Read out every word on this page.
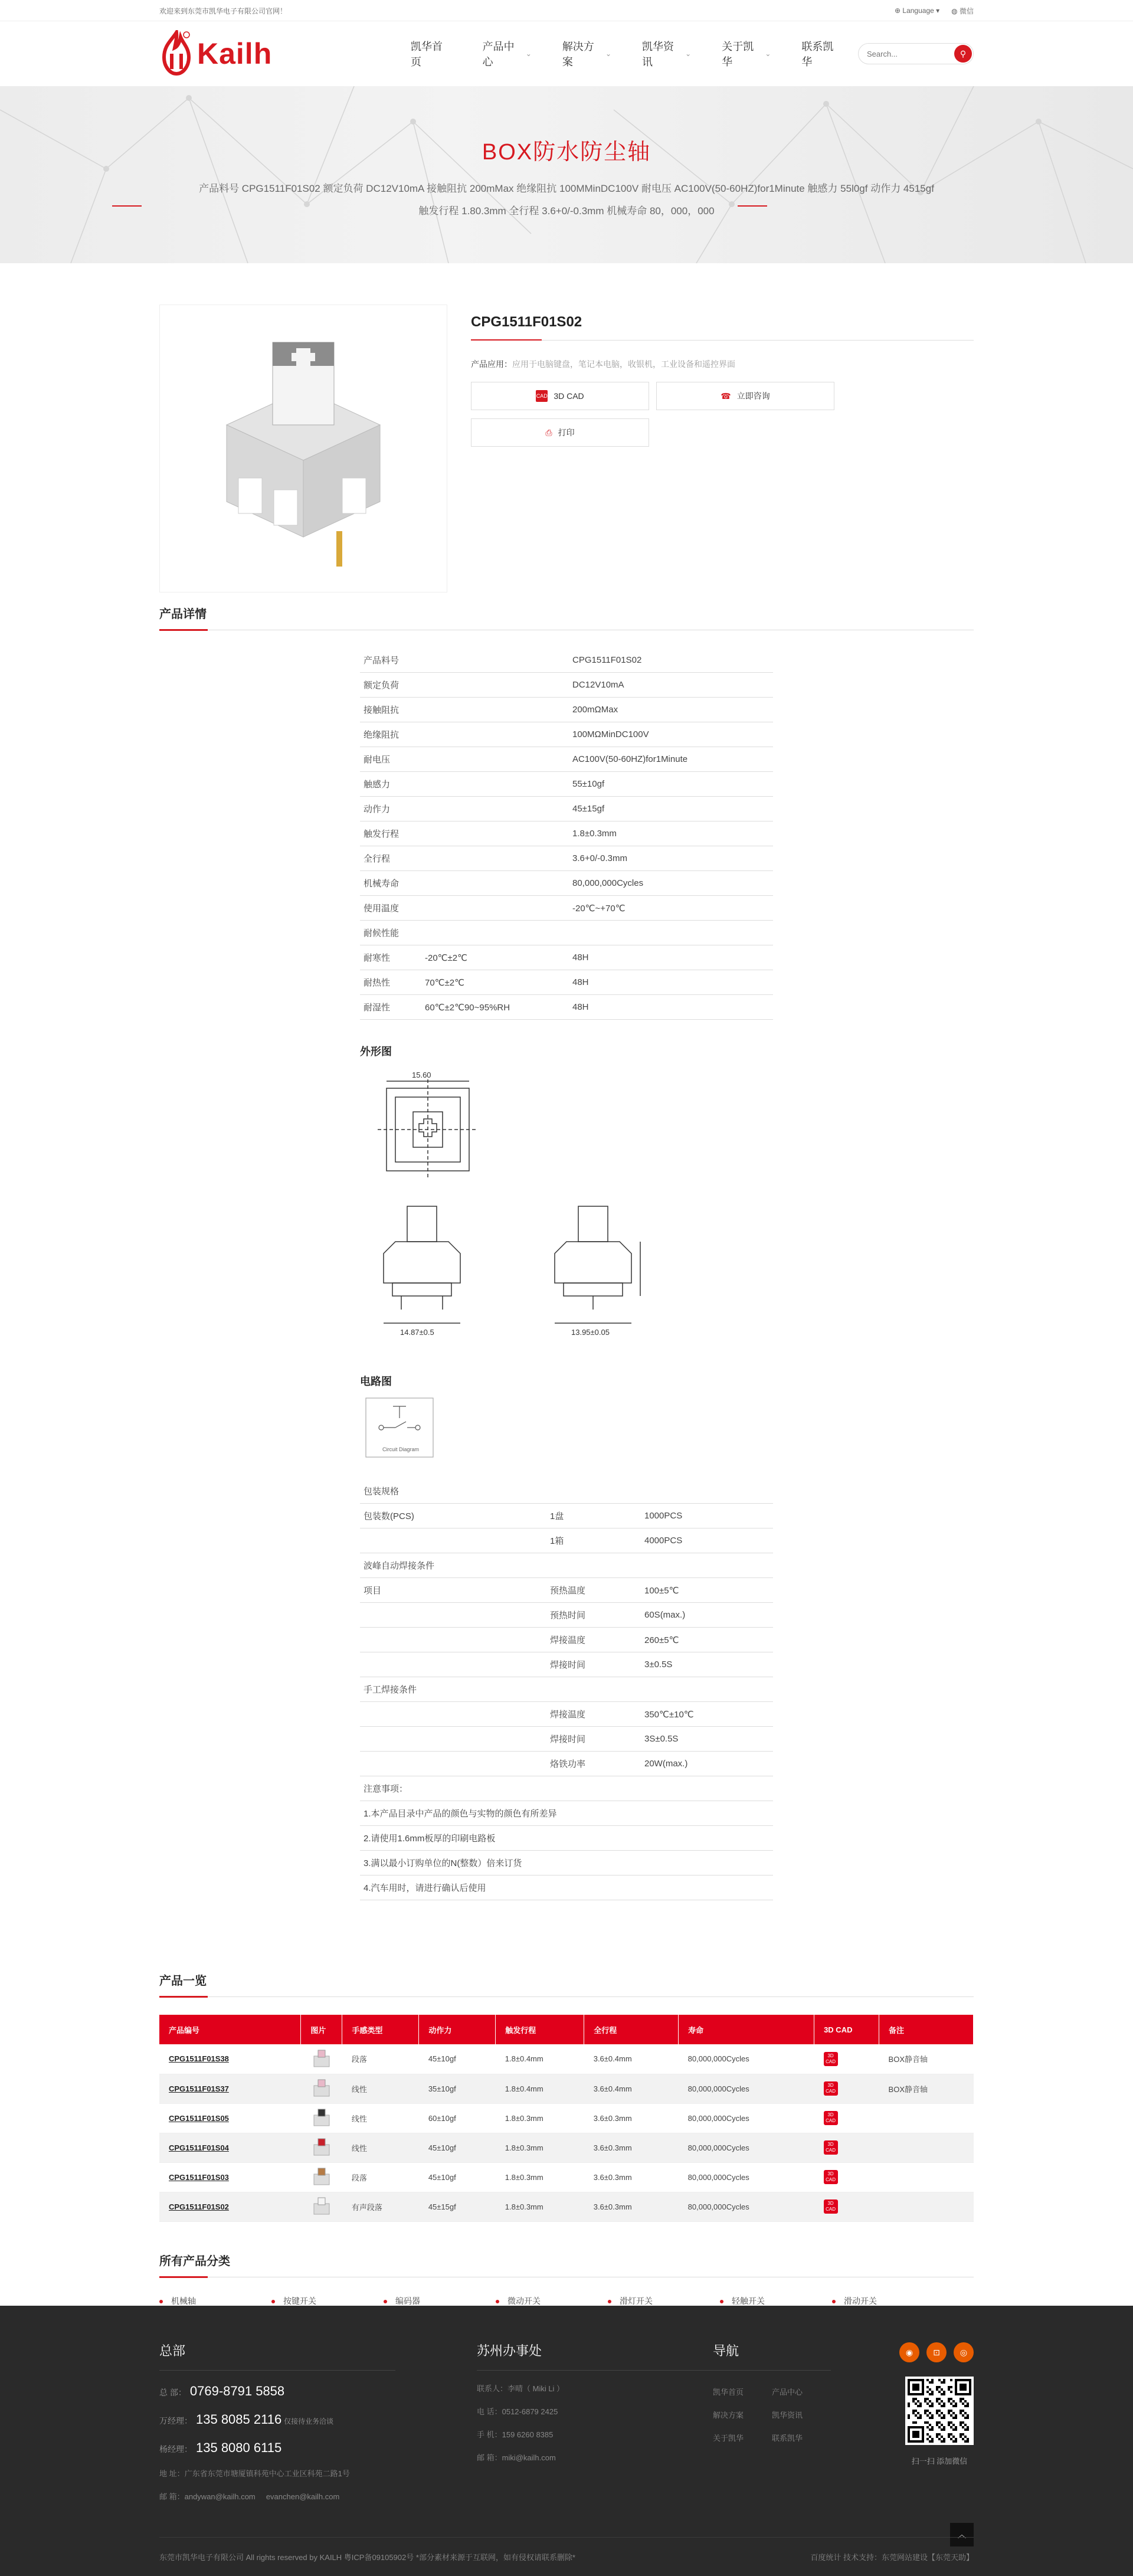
欢迎来到东莞市凯华电子有限公司官网！	⊕ Language ▾ ◍ 微信
Kailh	凯华首页
产品中心
⌄
解决方案
⌄
凯华资讯
⌄
关于凯华
⌄
联系凯华
Search...
⚲
BOX防水防尘轴

产品料号 CPG1511F01S02 额定负荷 DC12V10mA 接触阻抗 200mMax 绝缘阻抗 100MMinDC100V 耐电压 AC100V(50-60HZ)for1Minute 触感力 55l0gf 动作力 4515gf

触发行程 1.80.3mm 全行程 3.6+0/-0.3mm 机械寿命 80，000，000

CPG1511F01S02
产品应用：应用于电脑键盘，笔记本电脑，收银机，工业设备和遥控界面
CAD 3D CAD	☎ 立即咨询
⎙ 打印
产品详情
产品料号	CPG1511F01S02
额定负荷	DC12V10mA
接触阻抗	200mΩMax
绝缘阻抗	100MΩMinDC100V
耐电压	AC100V(50-60HZ)for1Minute
触感力	55±10gf
动作力	45±15gf
触发行程	1.8±0.3mm
全行程	3.6+0/-0.3mm
机械寿命	80,000,000Cycles
使用温度	-20℃~+70℃
耐候性能
耐寒性	-20℃±2℃	48H
耐热性	70℃±2℃	48H
耐湿性	60℃±2℃90~95%RH	48H
外形图
15.60
14.87±0.5	13.95±0.05
电路图
Circuit Diagram
包装规格
包装数(PCS)	1盘	1000PCS
1箱	4000PCS
波峰自动焊接条件
项目	预热温度	100±5℃
预热时间	60S(max.)
焊接温度	260±5℃
焊接时间	3±0.5S
手工焊接条件
焊接温度	350℃±10℃
焊接时间	3S±0.5S
烙铁功率	20W(max.)
注意事项：
1.本产品目录中产品的颜色与实物的颜色有所差异
2.请使用1.6mm板厚的印刷电路板
3.满以最小订购单位的N(整数）倍来订货
4.汽车用时，请进行确认后使用
产品一览
产品编号	图片	手感类型	动作力	触发行程	全行程	寿命	3D CAD	备注
CPG1511F01S38		段落	45±10gf	1.8±0.4mm	3.6±0.4mm	80,000,000Cycles	3D CAD	BOX静音轴
CPG1511F01S37		线性	35±10gf	1.8±0.4mm	3.6±0.4mm	80,000,000Cycles	3D CAD	BOX静音轴
CPG1511F01S05		线性	60±10gf	1.8±0.3mm	3.6±0.3mm	80,000,000Cycles	3D CAD	
CPG1511F01S04		线性	45±10gf	1.8±0.3mm	3.6±0.3mm	80,000,000Cycles	3D CAD	
CPG1511F01S03		段落	45±10gf	1.8±0.3mm	3.6±0.3mm	80,000,000Cycles	3D CAD	
CPG1511F01S02		有声段落	45±15gf	1.8±0.3mm	3.6±0.3mm	80,000,000Cycles	3D CAD	
所有产品分类
机械轴	按键开关	编码器	微动开关	滑灯开关	轻触开关	滑动开关
总部
总 部： 0769-8791 5858
万经理： 135 8085 2116 仅接待业务洽谈
杨经理： 135 8080 6115
地 址：广东省东莞市塘厦镇科苑中心工业区科苑二路1号
邮 箱：andywan@kailh.com     evanchen@kailh.com
苏州办事处
联系人：李晴（ Miki Li ）
电 话：0512-6879 2425
手 机：159 6260 8385
邮 箱：miki@kailh.com
导航
凯华首页	产品中心
解决方案	凯华资讯
关于凯华	联系凯华
◉	⊡	◎
扫一扫 添加微信
︿
东莞市凯华电子有限公司 All rights reserved by KAILH 粤ICP备09105902号 *部分素材来源于互联网，如有侵权请联系删除*	百度统计 技术支持：东莞网站建设【东莞天助】
